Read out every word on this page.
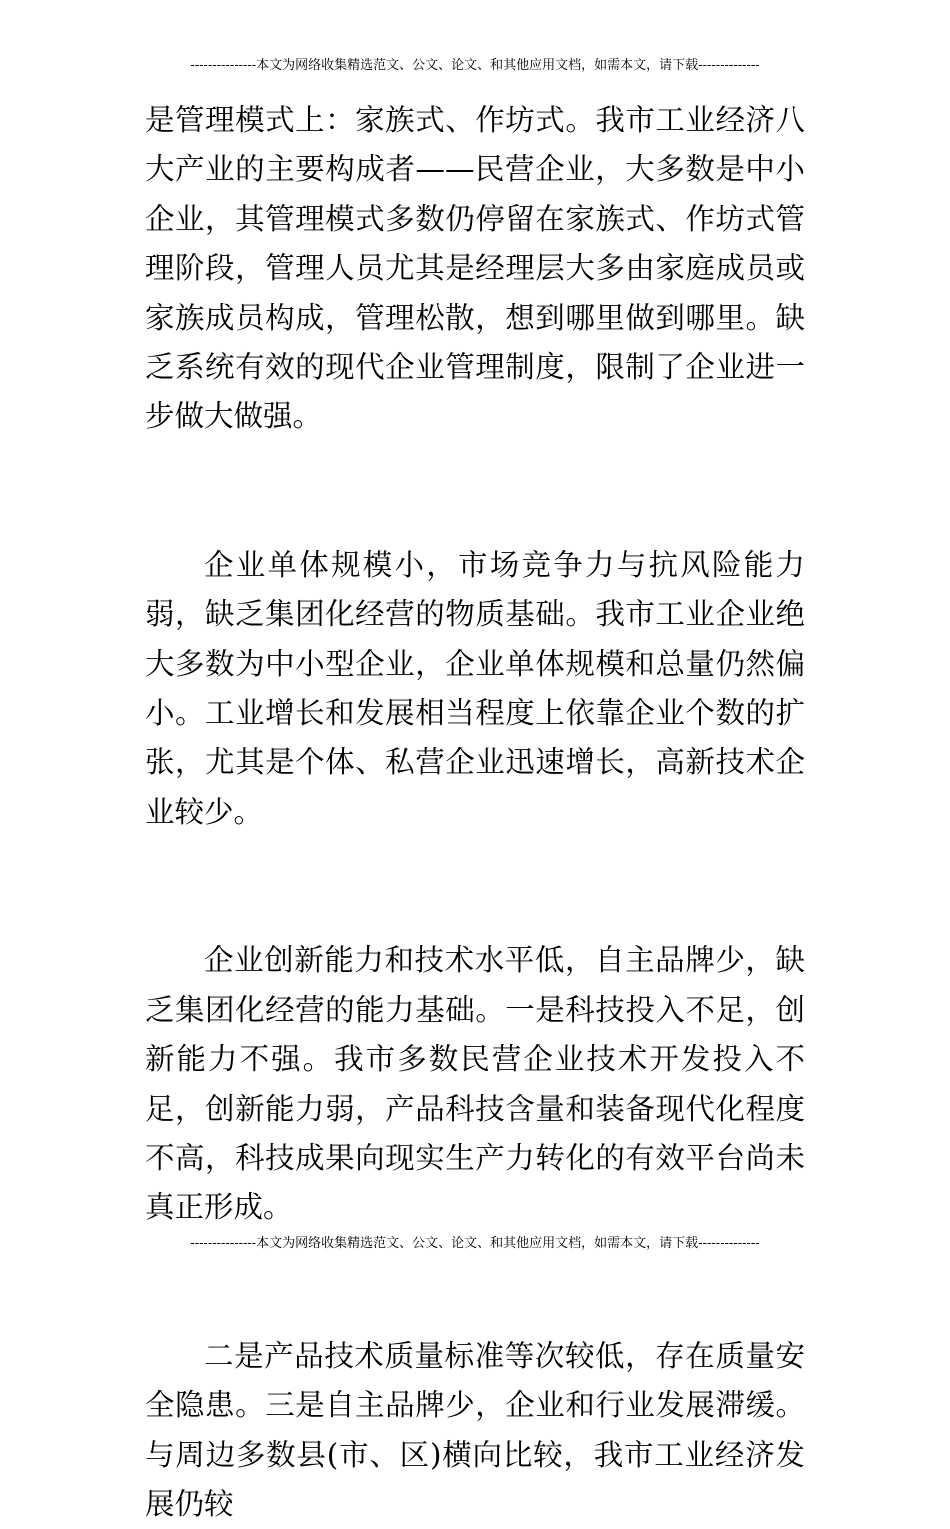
---------------本文为网络收集精选范文、公文、论文、和其他应用文档，如需本文，请下载--------------

是管理模式上：家族式、作坊式。我市工业经济八大产业的主要构成者——民营企业，大多数是中小企业，其管理模式多数仍停留在家族式、作坊式管理阶段，管理人员尤其是经理层大多由家庭成员或家族成员构成，管理松散，想到哪里做到哪里。缺乏系统有效的现代企业管理制度，限制了企业进一步做大做强。

企业单体规模小，市场竞争力与抗风险能力弱，缺乏集团化经营的物质基础。我市工业企业绝大多数为中小型企业，企业单体规模和总量仍然偏小。工业增长和发展相当程度上依靠企业个数的扩张，尤其是个体、私营企业迅速增长，高新技术企业较少。

企业创新能力和技术水平低，自主品牌少，缺乏集团化经营的能力基础。一是科技投入不足，创新能力不强。我市多数民营企业技术开发投入不足，创新能力弱，产品科技含量和装备现代化程度不高，科技成果向现实生产力转化的有效平台尚未真正形成。

二是产品技术质量标准等次较低，存在质量安全隐患。三是自主品牌少，企业和行业发展滞缓。与周边多数县(市、区)横向比较，我市工业经济发展仍较

---------------本文为网络收集精选范文、公文、论文、和其他应用文档，如需本文，请下载--------------
